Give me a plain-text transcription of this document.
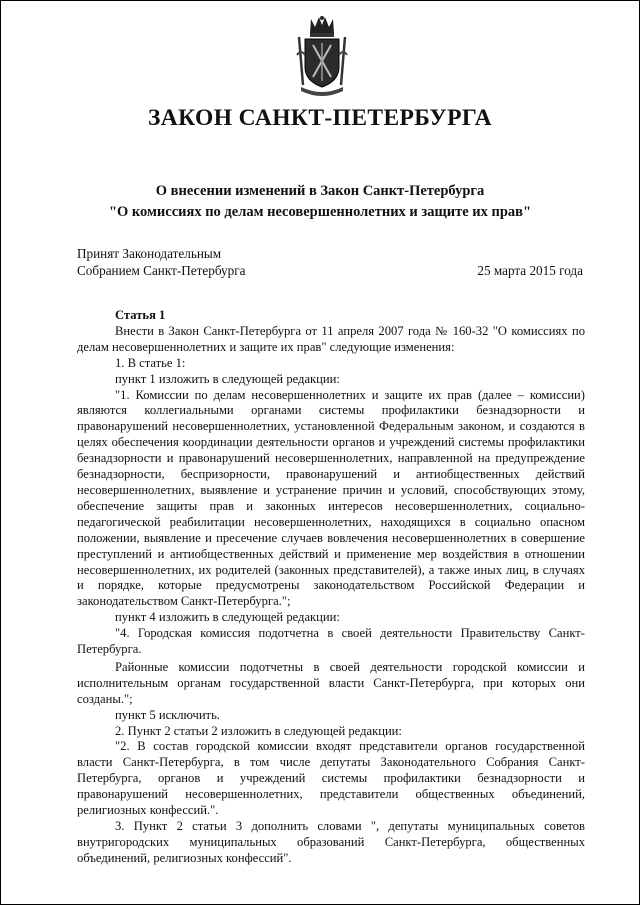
ЗАКОН САНКТ-ПЕТЕРБУРГА
О внесении изменений в Закон Санкт-Петербурга
"О комиссиях по делам несовершеннолетних и защите их прав"
Принят Законодательным
Собранием Санкт-Петербурга	25 марта 2015 года

Статья 1

Внести в Закон Санкт-Петербурга от 11 апреля 2007 года № 160-32 "О комиссиях по делам несовершеннолетних и защите их прав" следующие изменения:

1. В статье 1:

пункт 1 изложить в следующей редакции:

"1. Комиссии по делам несовершеннолетних и защите их прав (далее – комиссии) являются коллегиальными органами системы профилактики безнадзорности и правонарушений несовершеннолетних, установленной Федеральным законом, и создаются в целях обеспечения координации деятельности органов и учреждений системы профилактики безнадзорности и правонарушений несовершеннолетних, направленной на предупреждение безнадзорности, беспризорности, правонарушений и антиобщественных действий несовершеннолетних, выявление и устранение причин и условий, способствующих этому, обеспечение защиты прав и законных интересов несовершеннолетних, социально-педагогической реабилитации несовершеннолетних, находящихся в социально опасном положении, выявление и пресечение случаев вовлечения несовершеннолетних в совершение преступлений и антиобщественных действий и применение мер воздействия в отношении несовершеннолетних, их родителей (законных представителей), а также иных лиц, в случаях и порядке, которые предусмотрены законодательством Российской Федерации и законодательством Санкт-Петербурга.";

пункт 4 изложить в следующей редакции:

"4. Городская комиссия подотчетна в своей деятельности Правительству Санкт-Петербурга.

Районные комиссии подотчетны в своей деятельности городской комиссии и исполнительным органам государственной власти Санкт-Петербурга, при которых они созданы.";

пункт 5 исключить.

2. Пункт 2 статьи 2 изложить в следующей редакции:

"2. В состав городской комиссии входят представители органов государственной власти Санкт-Петербурга, в том числе депутаты Законодательного Собрания Санкт-Петербурга, органов и учреждений системы профилактики безнадзорности и правонарушений несовершеннолетних, представители общественных объединений, религиозных конфессий.".

3. Пункт 2 статьи 3 дополнить словами ", депутаты муниципальных советов внутригородских муниципальных образований Санкт-Петербурга, общественных объединений, религиозных конфессий".
